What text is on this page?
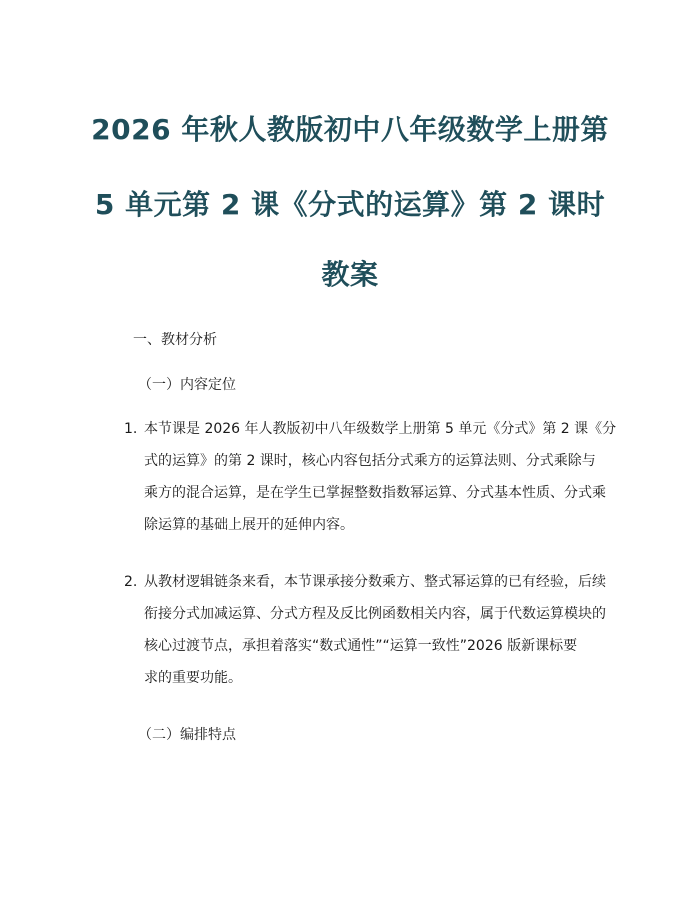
2026 年秋人教版初中八年级数学上册第
5 单元第 2 课《分式的运算》第 2 课时
教案
一、教材分析
（一）内容定位
1. 本节课是 2026 年人教版初中八年级数学上册第 5 单元《分式》第 2 课《分
式的运算》的第 2 课时，核心内容包括分式乘方的运算法则、分式乘除与
乘方的混合运算，是在学生已掌握整数指数幂运算、分式基本性质、分式乘
除运算的基础上展开的延伸内容。
2. 从教材逻辑链条来看，本节课承接分数乘方、整式幂运算的已有经验，后续
衔接分式加减运算、分式方程及反比例函数相关内容，属于代数运算模块的
核心过渡节点，承担着落实“数式通性”“运算一致性”2026 版新课标要
求的重要功能。
（二）编排特点
